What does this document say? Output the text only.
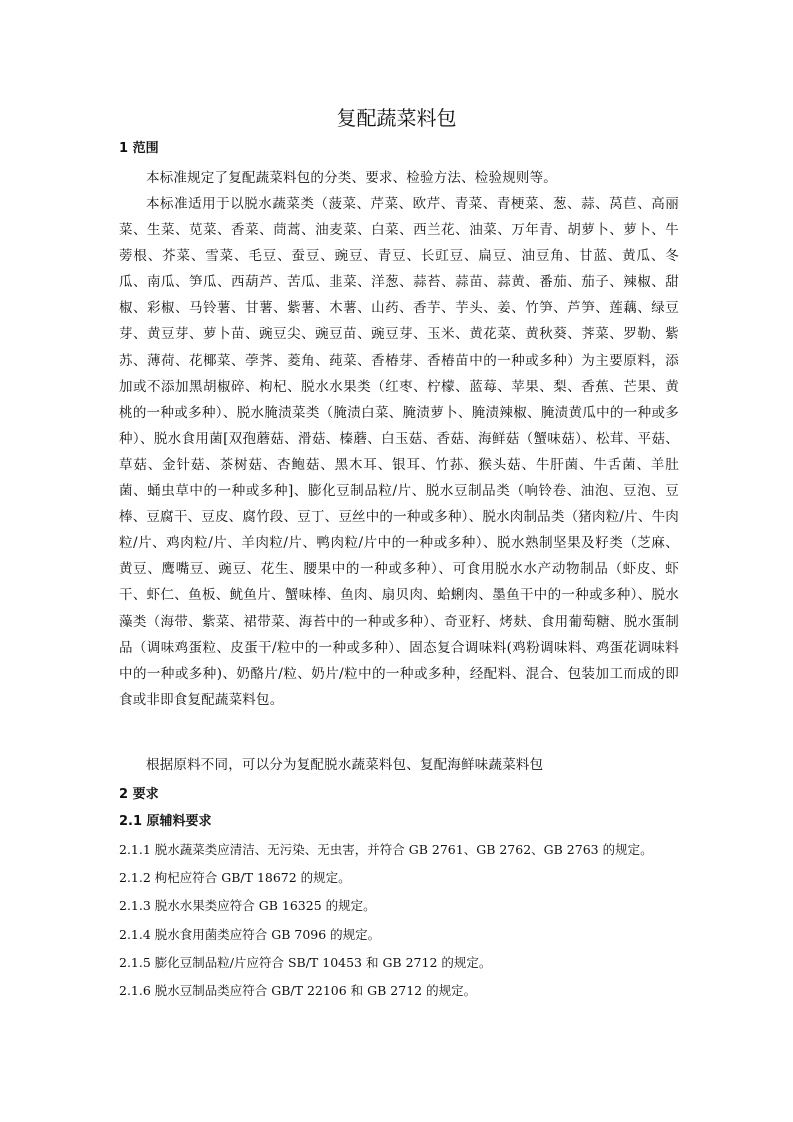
复配蔬菜料包
1 范围

本标准规定了复配蔬菜料包的分类、要求、检验方法、检验规则等。

本标准适用于以脱水蔬菜类（菠菜、芹菜、欧芹、青菜、青梗菜、葱、蒜、莴苣、高丽菜、生菜、苋菜、香菜、茼蒿、油麦菜、白菜、西兰花、油菜、万年青、胡萝卜、萝卜、牛蒡根、芥菜、雪菜、毛豆、蚕豆、豌豆、青豆、长豇豆、扁豆、油豆角、甘蓝、黄瓜、冬瓜、南瓜、笋瓜、西葫芦、苦瓜、韭菜、洋葱、蒜苔、蒜苗、蒜黄、番茄、茄子、辣椒、甜椒、彩椒、马铃薯、甘薯、紫薯、木薯、山药、香芋、芋头、姜、竹笋、芦笋、莲藕、绿豆芽、黄豆芽、萝卜苗、豌豆尖、豌豆苗、豌豆芽、玉米、黄花菜、黄秋葵、荠菜、罗勒、紫苏、薄荷、花椰菜、荸荠、菱角、莼菜、香椿芽、香椿苗中的一种或多种）为主要原料，添加或不添加黑胡椒碎、枸杞、脱水水果类（红枣、柠檬、蓝莓、苹果、梨、香蕉、芒果、黄桃的一种或多种）、脱水腌渍菜类（腌渍白菜、腌渍萝卜、腌渍辣椒、腌渍黄瓜中的一种或多种）、脱水食用菌[双孢蘑菇、滑菇、榛蘑、白玉菇、香菇、海鲜菇（蟹味菇）、松茸、平菇、草菇、金针菇、茶树菇、杏鲍菇、黑木耳、银耳、竹荪、猴头菇、牛肝菌、牛舌菌、羊肚菌、蛹虫草中的一种或多种]、膨化豆制品粒/片、脱水豆制品类（响铃卷、油泡、豆泡、豆棒、豆腐干、豆皮、腐竹段、豆丁、豆丝中的一种或多种）、脱水肉制品类（猪肉粒/片、牛肉粒/片、鸡肉粒/片、羊肉粒/片、鸭肉粒/片中的一种或多种）、脱水熟制坚果及籽类（芝麻、黄豆、鹰嘴豆、豌豆、花生、腰果中的一种或多种）、可食用脱水水产动物制品（虾皮、虾干、虾仁、鱼板、鱿鱼片、蟹味棒、鱼肉、扇贝肉、蛤蜊肉、墨鱼干中的一种或多种）、脱水藻类（海带、紫菜、裙带菜、海苔中的一种或多种）、奇亚籽、烤麸、食用葡萄糖、脱水蛋制品（调味鸡蛋粒、皮蛋干/粒中的一种或多种）、固态复合调味料(鸡粉调味料、鸡蛋花调味料中的一种或多种)、奶酪片/粒、奶片/粒中的一种或多种，经配料、混合、包装加工而成的即食或非即食复配蔬菜料包。

根据原料不同，可以分为复配脱水蔬菜料包、复配海鲜味蔬菜料包

2 要求
2.1 原辅料要求

2.1.1 脱水蔬菜类应清洁、无污染、无虫害，并符合 GB 2761、GB 2762、GB 2763 的规定。

2.1.2 枸杞应符合 GB/T 18672 的规定。

2.1.3 脱水水果类应符合 GB 16325 的规定。

2.1.4 脱水食用菌类应符合 GB 7096 的规定。

2.1.5 膨化豆制品粒/片应符合 SB/T 10453 和 GB 2712 的规定。

2.1.6 脱水豆制品类应符合 GB/T 22106 和 GB 2712 的规定。
